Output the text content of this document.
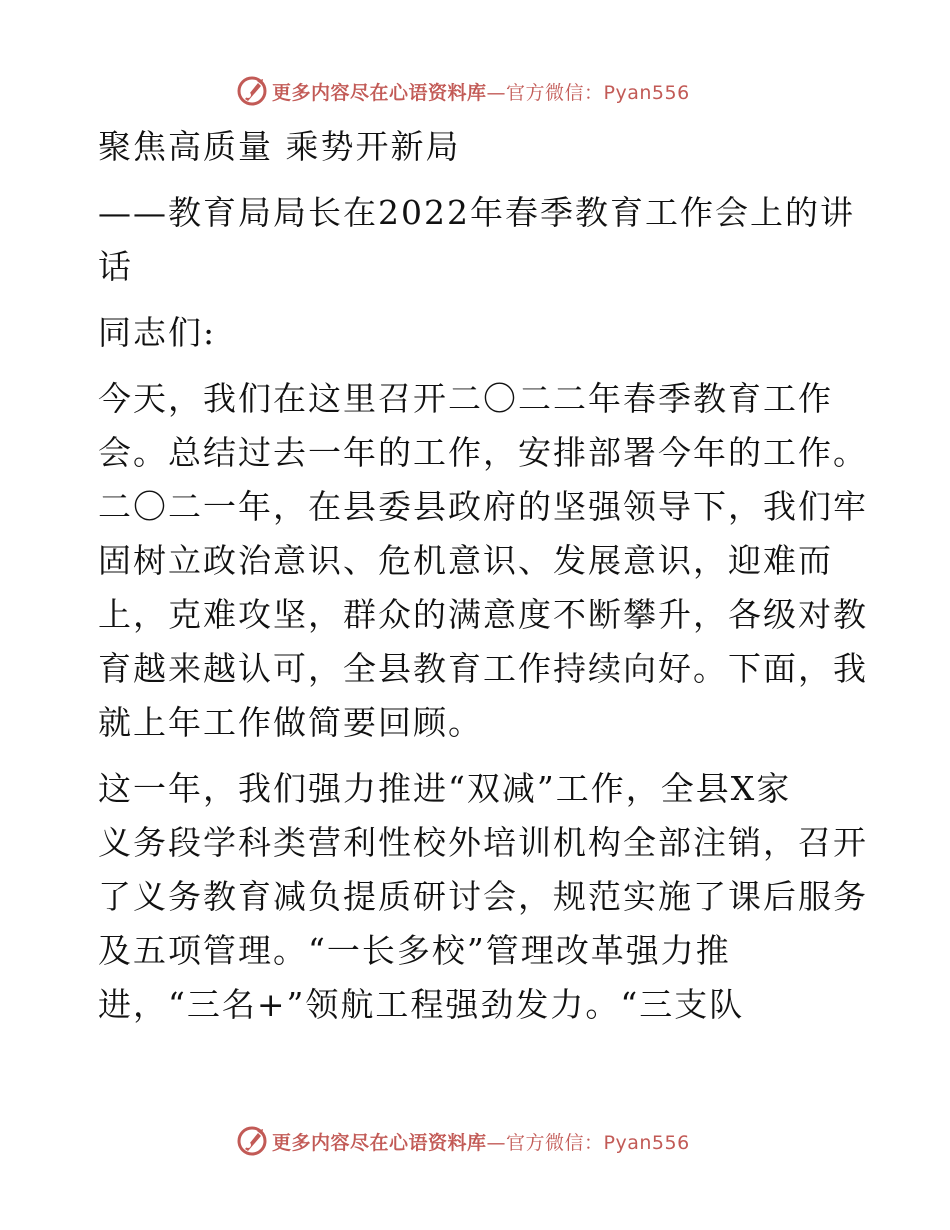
更多内容尽在心语资料库 —官方微信：Pyan556
聚焦高质量 乘势开新局
——教育局局长在2022年春季教育工作会上的讲
话
同志们:
今天，我们在这里召开二〇二二年春季教育工作
会。总结过去一年的工作，安排部署今年的工作。
二〇二一年，在县委县政府的坚强领导下，我们牢
固树立政治意识、危机意识、发展意识，迎难而
上，克难攻坚，群众的满意度不断攀升，各级对教
育越来越认可，全县教育工作持续向好。下面，我
就上年工作做简要回顾。
这一年，我们强力推进“双减”工作，全县X家
义务段学科类营利性校外培训机构全部注销，召开
了义务教育减负提质研讨会，规范实施了课后服务
及五项管理。“一长多校”管理改革强力推
进，“三名+”领航工程强劲发力。“三支队
更多内容尽在心语资料库 —官方微信：Pyan556
